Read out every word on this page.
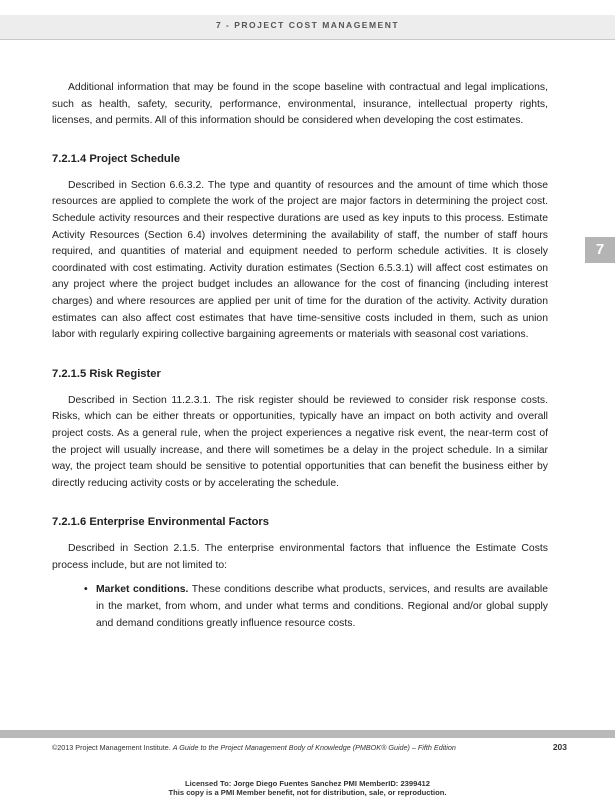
7 - PROJECT COST MANAGEMENT

Additional information that may be found in the scope baseline with contractual and legal implications, such as health, safety, security, performance, environmental, insurance, intellectual property rights, licenses, and permits. All of this information should be considered when developing the cost estimates.

7.2.1.4 Project Schedule

Described in Section 6.6.3.2. The type and quantity of resources and the amount of time which those resources are applied to complete the work of the project are major factors in determining the project cost. Schedule activity resources and their respective durations are used as key inputs to this process. Estimate Activity Resources (Section 6.4) involves determining the availability of staff, the number of staff hours required, and quantities of material and equipment needed to perform schedule activities. It is closely coordinated with cost estimating. Activity duration estimates (Section 6.5.3.1) will affect cost estimates on any project where the project budget includes an allowance for the cost of financing (including interest charges) and where resources are applied per unit of time for the duration of the activity. Activity duration estimates can also affect cost estimates that have time-sensitive costs included in them, such as union labor with regularly expiring collective bargaining agreements or materials with seasonal cost variations.

7.2.1.5 Risk Register

Described in Section 11.2.3.1. The risk register should be reviewed to consider risk response costs. Risks, which can be either threats or opportunities, typically have an impact on both activity and overall project costs. As a general rule, when the project experiences a negative risk event, the near-term cost of the project will usually increase, and there will sometimes be a delay in the project schedule. In a similar way, the project team should be sensitive to potential opportunities that can benefit the business either by directly reducing activity costs or by accelerating the schedule.

7.2.1.6 Enterprise Environmental Factors

Described in Section 2.1.5. The enterprise environmental factors that influence the Estimate Costs process include, but are not limited to:

• Market conditions. These conditions describe what products, services, and results are available in the market, from whom, and under what terms and conditions. Regional and/or global supply and demand conditions greatly influence resource costs.
7
©2013 Project Management Institute. A Guide to the Project Management Body of Knowledge (PMBOK® Guide) – Fifth Edition	203
Licensed To: Jorge Diego Fuentes Sanchez PMI MemberID: 2399412
This copy is a PMI Member benefit, not for distribution, sale, or reproduction.
